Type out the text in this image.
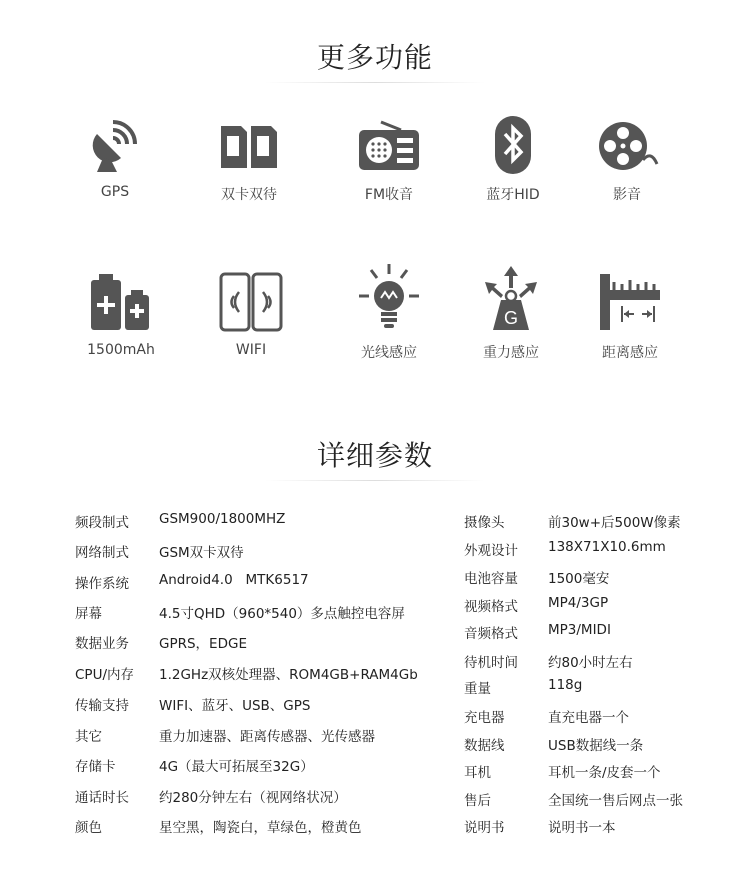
更多功能
GPS	双卡双待	FM收音	蓝牙HID	影音
1500mAh	WIFI	光线感应
G
重力感应	距离感应
详细参数
频段制式 GSM900/1800MHZ
网络制式 GSM双卡双待
操作系统 Android4.0   MTK6517
屏幕	4.5寸QHD（960*540）多点触控电容屏
数据业务 GPRS，EDGE
CPU/内存 1.2GHz双核处理器、ROM4GB+RAM4Gb
传输支持 WIFI、蓝牙、USB、GPS
其它	重力加速器、距离传感器、光传感器
存储卡	4G（最大可拓展至32G）
通话时长 约280分钟左右（视网络状况）
颜色	星空黑，陶瓷白，草绿色，橙黄色
摄像头	前30w+后500W像素
外观设计 138X71X10.6mm
电池容量 1500毫安
视频格式 MP4/3GP
音频格式 MP3/MIDI
待机时间 约80小时左右
重量	118g
充电器	直充电器一个
数据线	USB数据线一条
耳机	耳机一条/皮套一个
售后	全国统一售后网点一张
说明书	说明书一本
